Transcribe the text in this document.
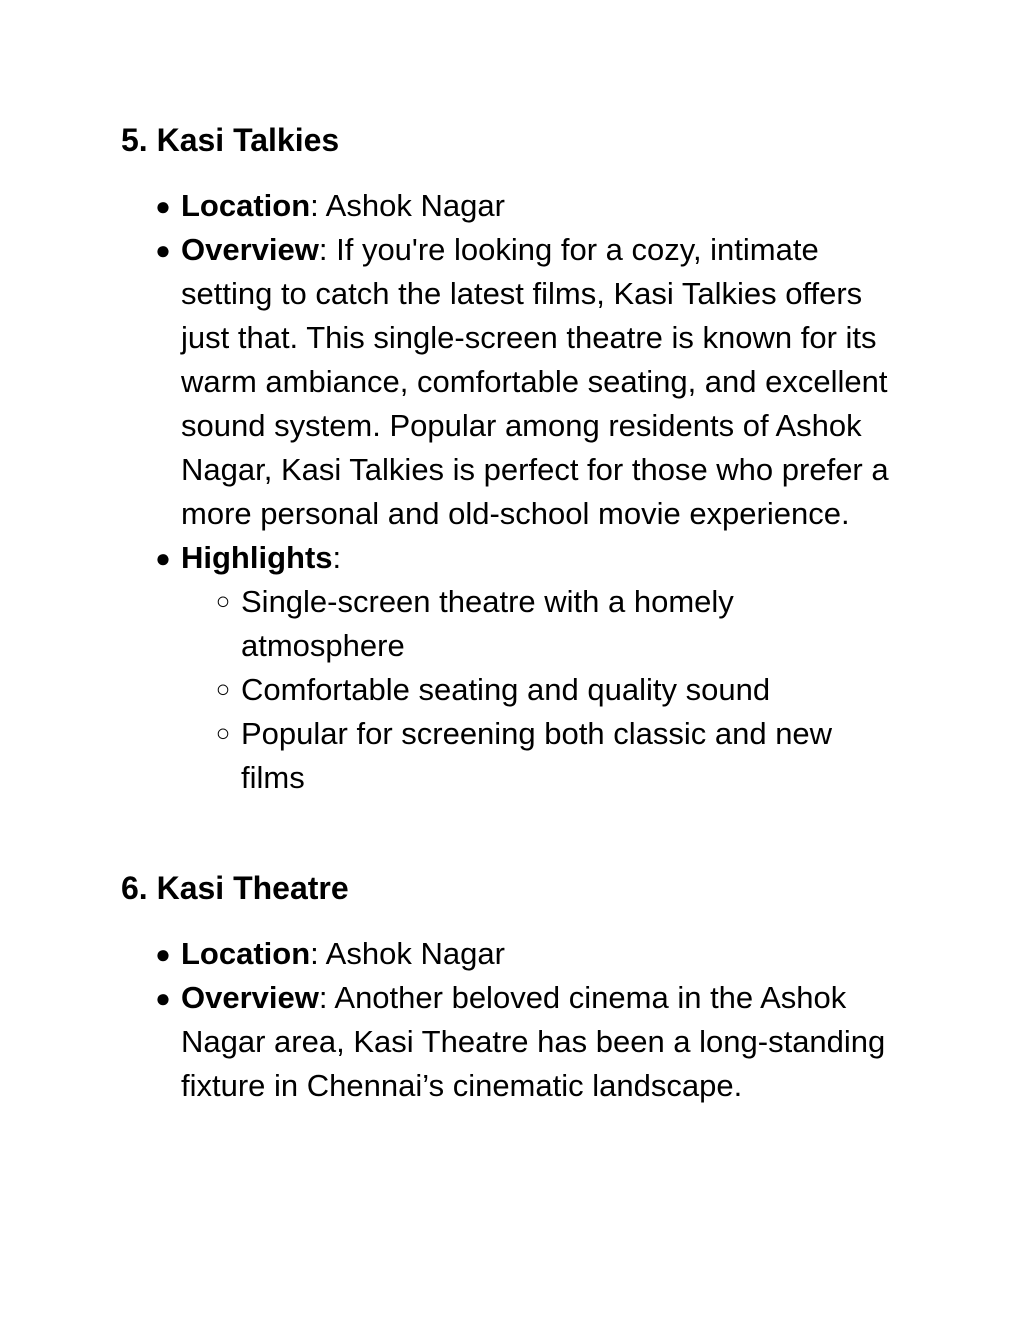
5. Kasi Talkies

● Location: Ashok Nagar
● Overview: If you're looking for a cozy, intimate setting to catch the latest films, Kasi Talkies offers just that. This single-screen theatre is known for its warm ambiance, comfortable seating, and excellent sound system. Popular among residents of Ashok Nagar, Kasi Talkies is perfect for those who prefer a more personal and old-school movie experience.
● Highlights:
○ Single-screen theatre with a homely atmosphere
○ Comfortable seating and quality sound
○ Popular for screening both classic and new films

6. Kasi Theatre

● Location: Ashok Nagar
● Overview: Another beloved cinema in the Ashok Nagar area, Kasi Theatre has been a long-standing fixture in Chennai’s cinematic landscape.
